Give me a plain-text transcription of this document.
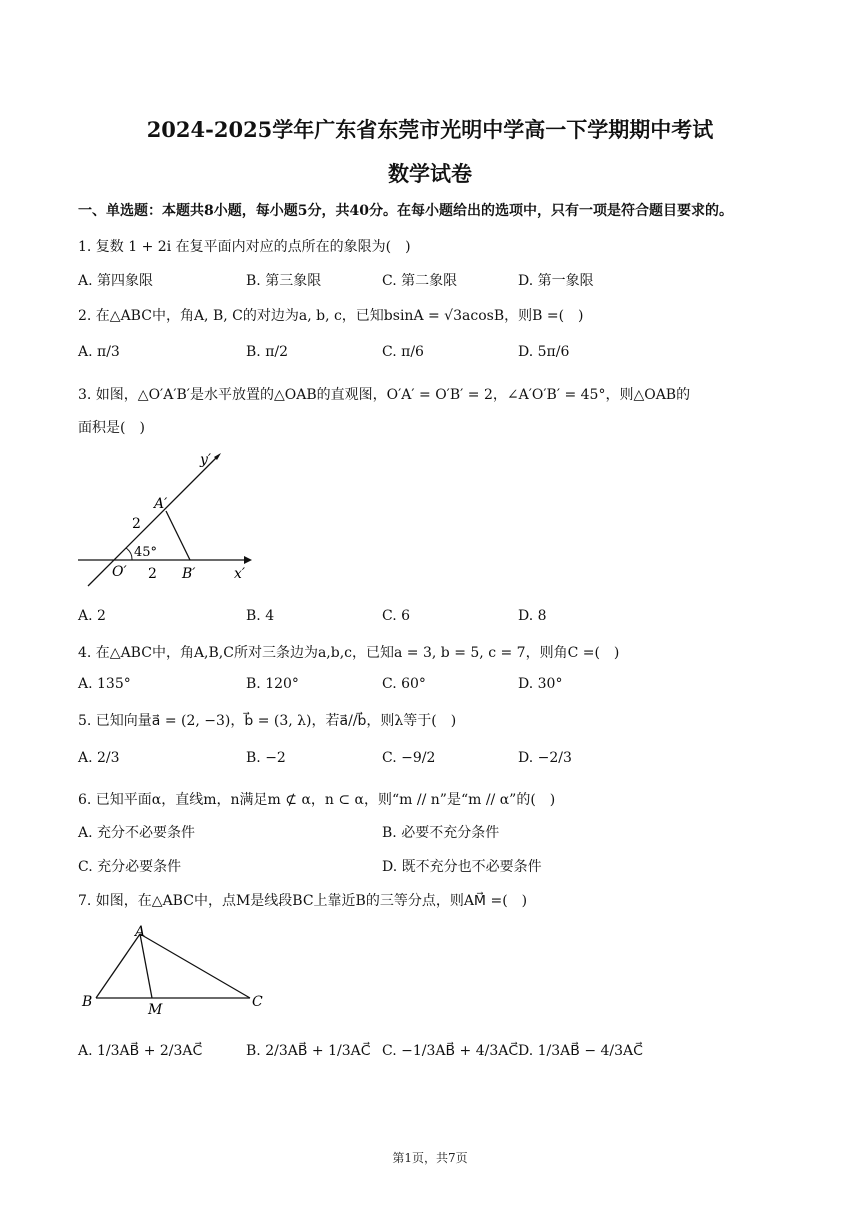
2024-2025学年广东省东莞市光明中学高一下学期期中考试
数学试卷
一、单选题：本题共8小题，每小题5分，共40分。在每小题给出的选项中，只有一项是符合题目要求的。
1. 复数 1 + 2i 在复平面内对应的点所在的象限为(　)
A. 第四象限	B. 第三象限	C. 第二象限	D. 第一象限
2. 在△ABC中，角A, B, C的对边为a, b, c，已知bsinA = √3acosB，则B =(　)
A. π/3	B. π/2	C. π/6	D. 5π/6
3. 如图，△O′A′B′是水平放置的△OAB的直观图，O′A′ = O′B′ = 2，∠A′O′B′ = 45°，则△OAB的
面积是(　)
y′
x′
A′
B′
O′
2
2
45°
A. 2	B. 4	C. 6	D. 8
4. 在△ABC中，角A,B,C所对三条边为a,b,c，已知a = 3, b = 5, c = 7，则角C =(　)
A. 135°	B. 120°	C. 60°	D. 30°
5. 已知向量a⃗ = (2, −3)，b⃗ = (3, λ)，若a⃗//b⃗，则λ等于(　)
A. 2/3	B. −2	C. −9/2	D. −2/3
6. 已知平面α，直线m，n满足m ⊄ α，n ⊂ α，则“m // n”是“m // α”的(　)
A. 充分不必要条件	B. 必要不充分条件
C. 充分必要条件	D. 既不充分也不必要条件
7. 如图，在△ABC中，点M是线段BC上靠近B的三等分点，则AM⃗ =(　)
A
B	C
M
A. 1/3AB⃗ + 2/3AC⃗	B. 2/3AB⃗ + 1/3AC⃗ C. −1/3AB⃗ + 4/3AC⃗ D. 1/3AB⃗ − 4/3AC⃗
第1页，共7页
